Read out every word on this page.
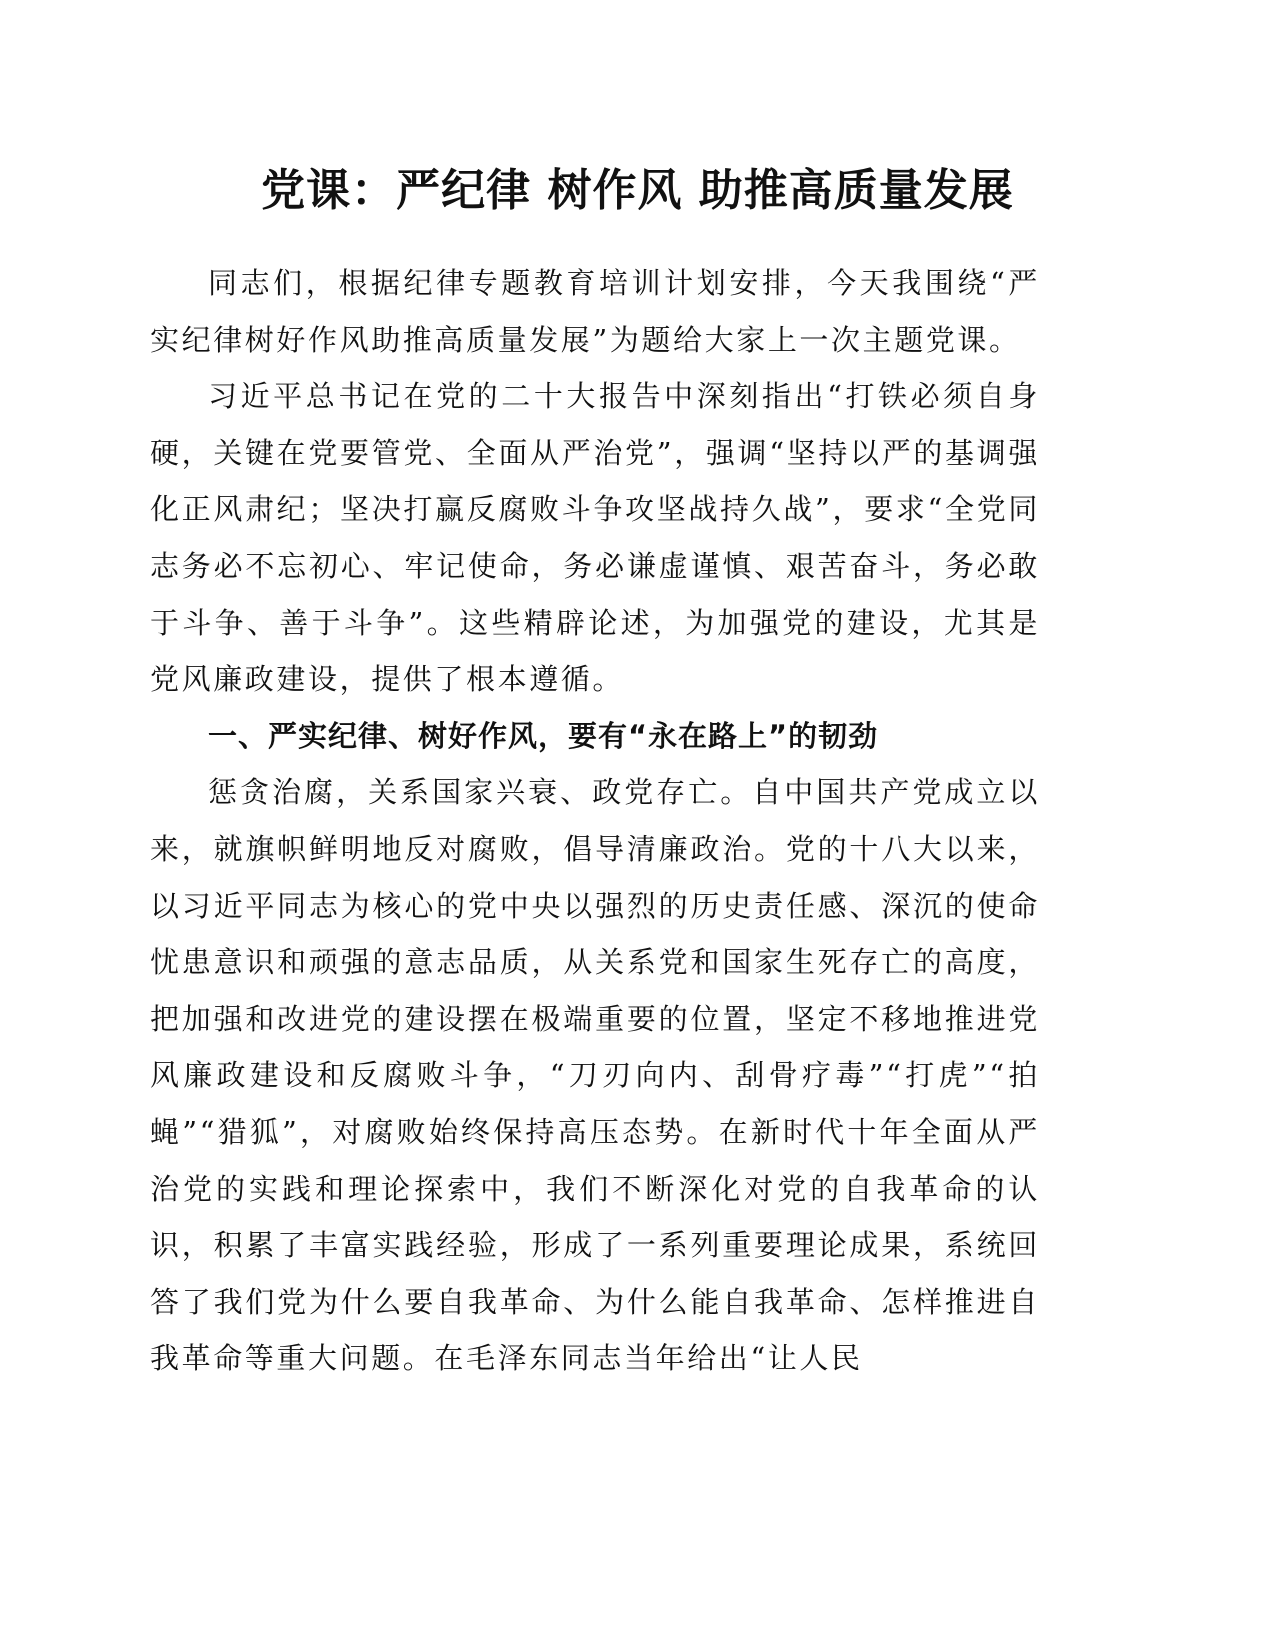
党课：严纪律 树作风 助推高质量发展

同志们，根据纪律专题教育培训计划安排，今天我围绕“严实纪律树好作风助推高质量发展”为题给大家上一次主题党课。

习近平总书记在党的二十大报告中深刻指出“打铁必须自身硬，关键在党要管党、全面从严治党”，强调“坚持以严的基调强化正风肃纪；坚决打赢反腐败斗争攻坚战持久战”，要求“全党同志务必不忘初心、牢记使命，务必谦虚谨慎、艰苦奋斗，务必敢于斗争、善于斗争”。这些精辟论述，为加强党的建设，尤其是党风廉政建设，提供了根本遵循。

一、严实纪律、树好作风，要有“永在路上”的韧劲

惩贪治腐，关系国家兴衰、政党存亡。自中国共产党成立以来，就旗帜鲜明地反对腐败，倡导清廉政治。党的十八大以来，以习近平同志为核心的党中央以强烈的历史责任感、深沉的使命忧患意识和顽强的意志品质，从关系党和国家生死存亡的高度，把加强和改进党的建设摆在极端重要的位置，坚定不移地推进党风廉政建设和反腐败斗争，“刀刃向内、刮骨疗毒”“打虎”“拍蝇”“猎狐”，对腐败始终保持高压态势。在新时代十年全面从严治党的实践和理论探索中，我们不断深化对党的自我革命的认识，积累了丰富实践经验，形成了一系列重要理论成果，系统回答了我们党为什么要自我革命、为什么能自我革命、怎样推进自我革命等重大问题。在毛泽东同志当年给出“让人民
